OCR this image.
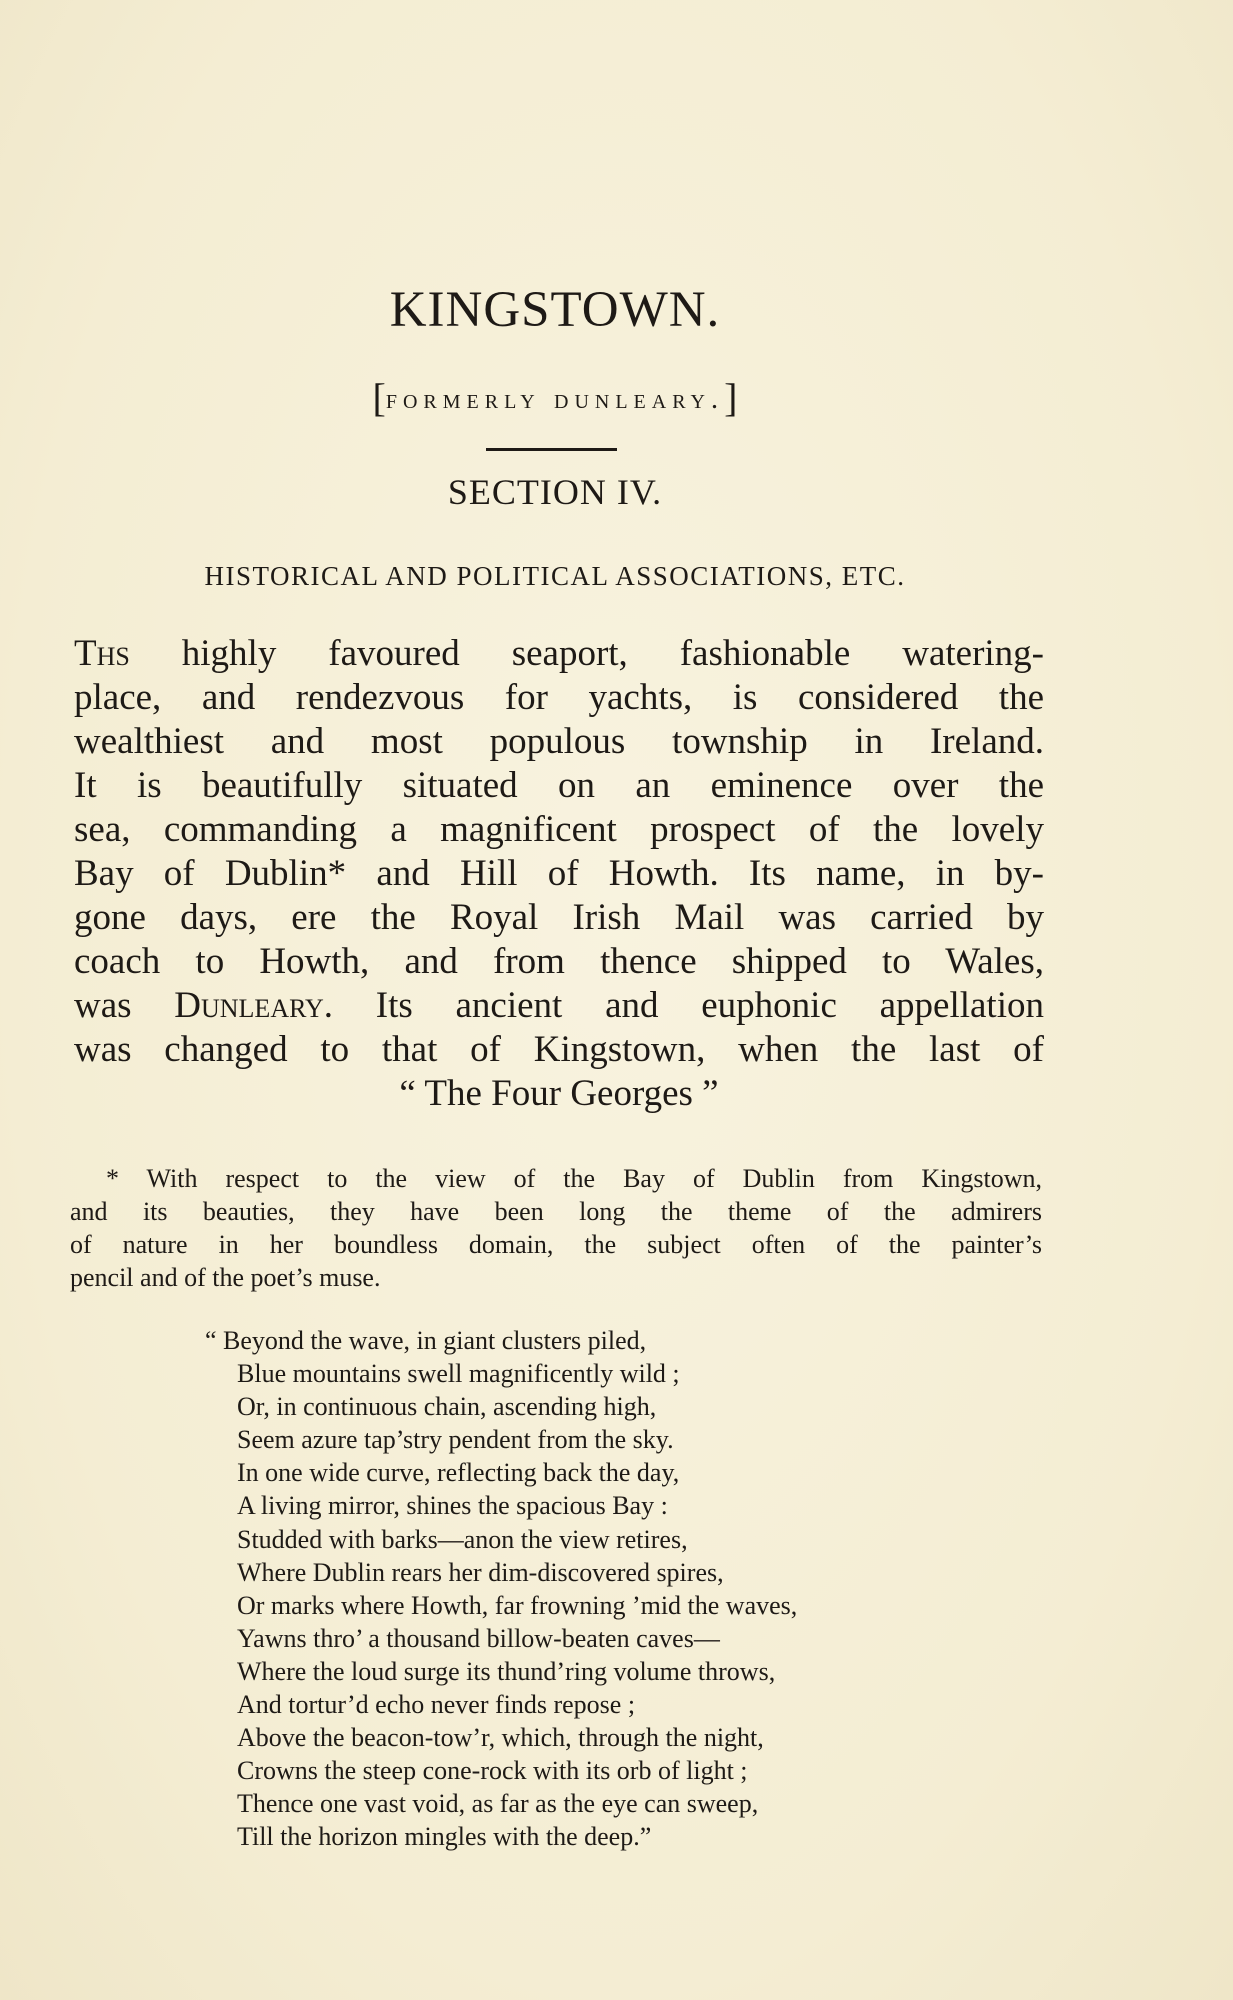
KINGSTOWN.
[formerly dunleary.]
SECTION IV.
HISTORICAL AND POLITICAL ASSOCIATIONS, ETC.
Ths highly favoured seaport, fashionable watering-
place, and rendezvous for yachts, is considered the
wealthiest and most populous township in Ireland.
It is beautifully situated on an eminence over the
sea, commanding a magnificent prospect of the lovely
Bay of Dublin* and Hill of Howth. Its name, in by-
gone days, ere the Royal Irish Mail was carried by
coach to Howth, and from thence shipped to Wales,
was Dunleary. Its ancient and euphonic appellation
was changed to that of Kingstown, when the last of
“ The Four Georges ”
* With respect to the view of the Bay of Dublin from Kingstown,
and its beauties, they have been long the theme of the admirers
of nature in her boundless domain, the subject often of the painter’s
pencil and of the poet’s muse.
“ Beyond the wave, in giant clusters piled,
Blue mountains swell magnificently wild ;
Or, in continuous chain, ascending high,
Seem azure tap’stry pendent from the sky.
In one wide curve, reflecting back the day,
A living mirror, shines the spacious Bay :
Studded with barks—anon the view retires,
Where Dublin rears her dim-discovered spires,
Or marks where Howth, far frowning ’mid the waves,
Yawns thro’ a thousand billow-beaten caves—
Where the loud surge its thund’ring volume throws,
And tortur’d echo never finds repose ;
Above the beacon-tow’r, which, through the night,
Crowns the steep cone-rock with its orb of light ;
Thence one vast void, as far as the eye can sweep,
Till the horizon mingles with the deep.”
